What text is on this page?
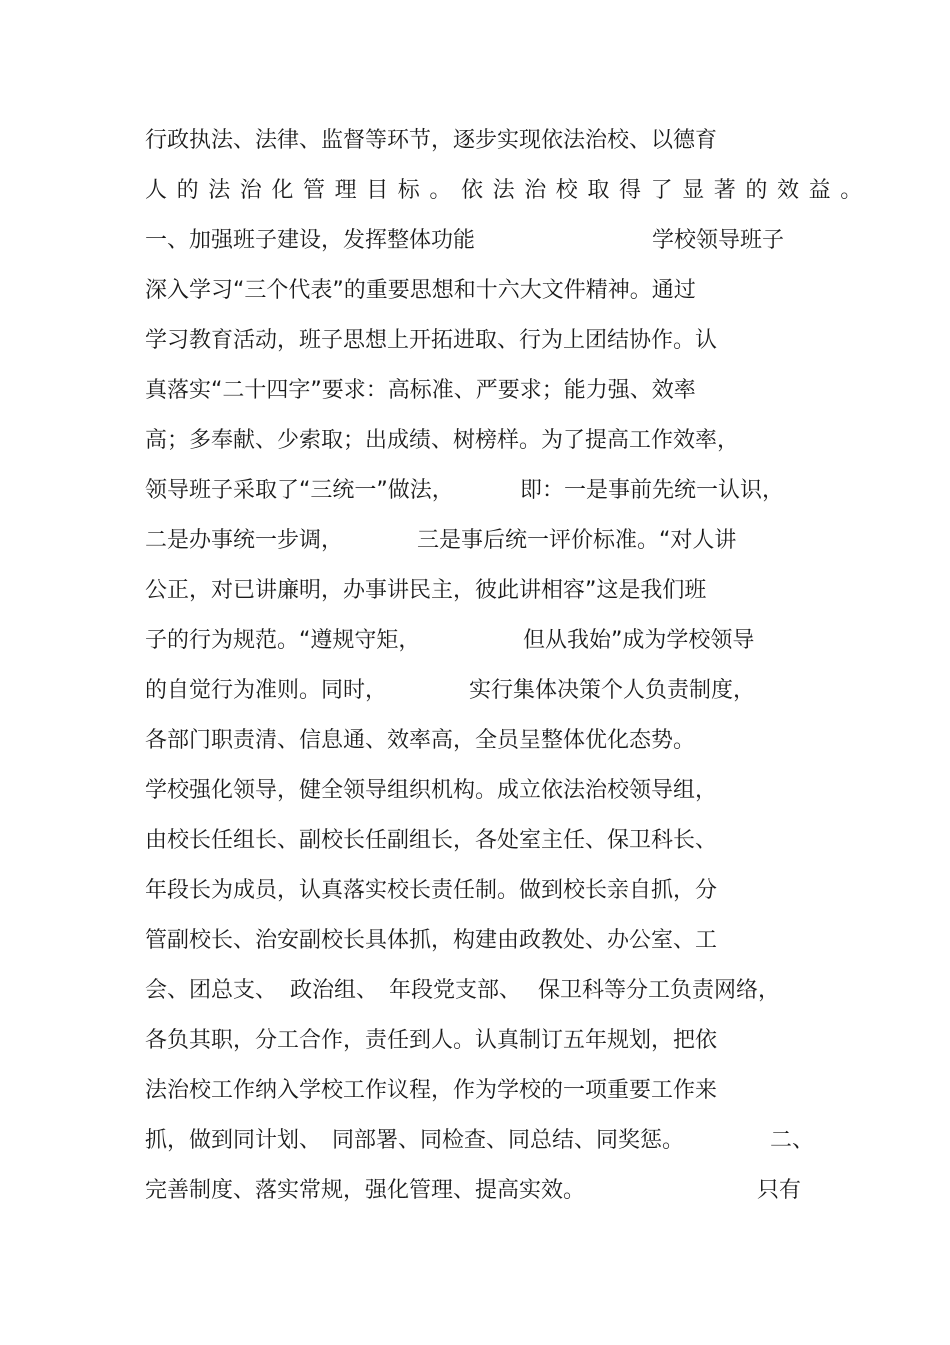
行政执法、法律、监督等环节，逐步实现依法治校、以德育

人的法治化管理目标。依法治校取得了显著的效益。

一、加强班子建设，发挥整体功能

	学校领导班子

深入学习“三个代表”的重要思想和十六大文件精神。通过

学习教育活动，班子思想上开拓进取、行为上团结协作。认

真落实“二十四字”要求：高标准、严要求；能力强、效率

高；多奉献、少索取；出成绩、树榜样。为了提高工作效率，

领导班子采取了“三统一”做法，

	即：一是事前先统一认识，

二是办事统一步调，

	三是事后统一评价标准。“对人讲

公正，对已讲廉明，办事讲民主，彼此讲相容”这是我们班

子的行为规范。“遵规守矩，

	但从我始”成为学校领导

的自觉行为准则。同时，

	实行集体决策个人负责制度，

各部门职责清、信息通、效率高，全员呈整体优化态势。

学校强化领导，健全领导组织机构。成立依法治校领导组，

由校长任组长、副校长任副组长，各处室主任、保卫科长、

年段长为成员，认真落实校长责任制。做到校长亲自抓，分

管副校长、治安副校长具体抓，构建由政教处、办公室、工

会、团总支、

政治组、

年段党支部、

保卫科等分工负责网络，

各负其职，分工合作，责任到人。认真制订五年规划，把依

法治校工作纳入学校工作议程，作为学校的一项重要工作来

抓，做到同计划、

同部署、同检查、同总结、同奖惩。

	二、

完善制度、落实常规，强化管理、提高实效。

	只有
